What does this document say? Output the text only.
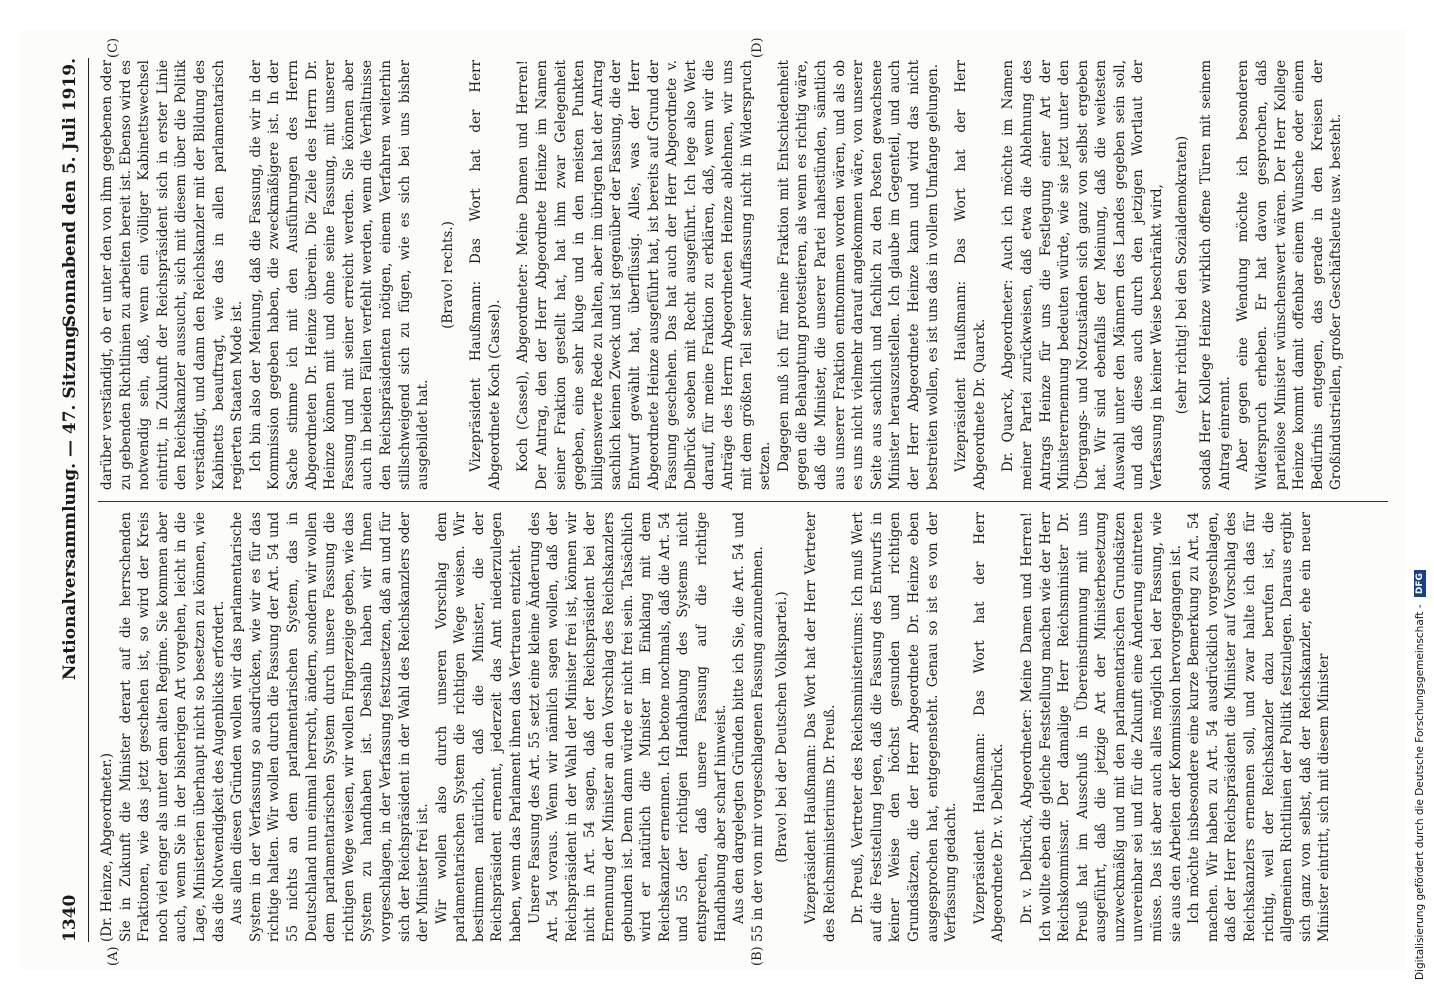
1340
Nationalversammlung. — 47. Sitzung.
Sonnabend den 5. Juli 1919.
(A)	(B)
(C)	(D)

(Dr. Heinze, Abgeordneter.) Sie in Zukunft die Minister derart auf die herrschenden Fraktionen, wie das jetzt geschehen ist, so wird der Kreis noch viel enger als unter dem alten Regime. Sie kommen aber auch, wenn Sie in der bisherigen Art vorgehen, leicht in die Lage, Ministerien überhaupt nicht so besetzen zu können, wie das die Notwendigkeit des Augenblicks erfordert. Aus allen diesen Gründen wollen wir das parlamentarische System in der Verfassung so ausdrücken, wie wir es für das richtige halten. Wir wollen durch die Fassung der Art. 54 und 55 nichts an dem parlamentarischen System, das in Deutschland nun einmal herrscht, ändern, sondern wir wollen dem parlamentarischen System durch unsere Fassung die richtigen Wege weisen, wir wollen Fingerzeige geben, wie das System zu handhaben ist. Deshalb haben wir Ihnen vorgeschlagen, in der Verfassung festzusetzen, daß an und für sich der Reichspräsident in der Wahl des Reichskanzlers oder der Minister frei ist. Wir wollen also durch unseren Vorschlag dem parlamentarischen System die richtigen Wege weisen. Wir bestimmen natürlich, daß die Minister, die der Reichspräsident ernennt, jederzeit das Amt niederzulegen haben, wenn das Parlament ihnen das Vertrauen entzieht. Unsere Fassung des Art. 55 setzt eine kleine Änderung des Art. 54 voraus. Wenn wir nämlich sagen wollen, daß der Reichspräsident in der Wahl der Minister frei ist, können wir nicht in Art. 54 sagen, daß der Reichspräsident bei der Ernennung der Minister an den Vorschlag des Reichskanzlers gebunden ist. Denn dann würde er nicht frei sein. Tatsächlich wird er natürlich die Minister im Einklang mit dem Reichskanzler ernennen. Ich betone nochmals, daß die Art. 54 und 55 der richtigen Handhabung des Systems nicht entsprechen, daß unsere Fassung auf die richtige Handhabung aber scharf hinweist. Aus den dargelegten Gründen bitte ich Sie, die Art. 54 und 55 in der von mir vorgeschlagenen Fassung anzunehmen. (Bravo! bei der Deutschen Volkspartei.) Vizepräsident Haußmann: Das Wort hat der Herr Vertreter des Reichsministeriums Dr. Preuß. Dr. Preuß, Vertreter des Reichsministeriums: Ich muß Wert auf die Feststellung legen, daß die Fassung des Entwurfs in keiner Weise den höchst gesunden und richtigen Grundsätzen, die der Herr Abgeordnete Dr. Heinze eben ausgesprochen hat, entgegensteht. Genau so ist es von der Verfassung gedacht. Vizepräsident Haußmann: Das Wort hat der Herr Abgeordnete Dr. v. Delbrück. Dr. v. Delbrück, Abgeordneter: Meine Damen und Herren! Ich wollte eben die gleiche Feststellung machen wie der Herr Reichskommissar. Der damalige Herr Reichsminister Dr. Preuß hat im Ausschuß in Übereinstimmung mit uns ausgeführt, daß die jetzige Art der Ministerbesetzung unzweckmäßig und mit den parlamentarischen Grundsätzen unvereinbar sei und für die Zukunft eine Änderung eintreten müsse. Das ist aber auch alles möglich bei der Fassung, wie sie aus den Arbeiten der Kommission hervorgegangen ist. Ich möchte insbesondere eine kurze Bemerkung zu Art. 54 machen. Wir haben zu Art. 54 ausdrücklich vorgeschlagen, daß der Herr Reichspräsident die Minister auf Vorschlag des Reichskanzlers ernennen soll, und zwar halte ich das für richtig, weil der Reichskanzler dazu berufen ist, die allgemeinen Richtlinien der Politik festzulegen. Daraus ergibt sich ganz von selbst, daß der Reichskanzler, ehe ein neuer Minister eintritt, sich mit diesem Minister

darüber verständigt, ob er unter den von ihm gegebenen oder zu gebenden Richtlinien zu arbeiten bereit ist. Ebenso wird es notwendig sein, daß, wenn ein völliger Kabinettswechsel eintritt, in Zukunft der Reichspräsident sich in erster Linie den Reichskanzler aussucht, sich mit diesem über die Politik verständigt, und dann den Reichskanzler mit der Bildung des Kabinetts beauftragt, wie das in allen parlamentarisch regierten Staaten Mode ist. Ich bin also der Meinung, daß die Fassung, die wir in der Kommission gegeben haben, die zweckmäßigere ist. In der Sache stimme ich mit den Ausführungen des Herrn Abgeordneten Dr. Heinze überein. Die Ziele des Herrn Dr. Heinze können mit und ohne seine Fassung, mit unserer Fassung und mit seiner erreicht werden. Sie können aber auch in beiden Fällen verfehlt werden, wenn die Verhältnisse den Reichspräsidenten nötigen, einem Verfahren weiterhin stillschweigend sich zu fügen, wie es sich bei uns bisher ausgebildet hat.

(Bravo! rechts.) Vizepräsident Haußmann: Das Wort hat der Herr Abgeordnete Koch (Cassel). Koch (Cassel), Abgeordneter: Meine Damen und Herren! Der Antrag, den der Herr Abgeordnete Heinze im Namen seiner Fraktion gestellt hat, hat ihm zwar Gelegenheit gegeben, eine sehr kluge und in den meisten Punkten billigenswerte Rede zu halten, aber im übrigen hat der Antrag sachlich keinen Zweck und ist gegenüber der Fassung, die der Entwurf gewählt hat, überflüssig. Alles, was der Herr Abgeordnete Heinze ausgeführt hat, ist bereits auf Grund der Fassung geschehen. Das hat auch der Herr Abgeordnete v. Delbrück soeben mit Recht ausgeführt. Ich lege also Wert darauf, für meine Fraktion zu erklären, daß, wenn wir die Anträge des Herrn Abgeordneten Heinze ablehnen, wir uns mit dem größten Teil seiner Auffassung nicht in Widerspruch setzen. Dagegen muß ich für meine Fraktion mit Entschiedenheit gegen die Behauptung protestieren, als wenn es richtig wäre, daß die Minister, die unserer Partei nahestünden, sämtlich aus unserer Fraktion entnommen worden wären, und als ob es uns nicht vielmehr darauf angekommen wäre, von unserer Seite aus sachlich und fachlich zu den Posten gewachsene Minister herauszustellen. Ich glaube im Gegenteil, und auch der Herr Abgeordnete Heinze kann und wird das nicht bestreiten wollen, es ist uns das in vollem Umfange gelungen. Vizepräsident Haußmann: Das Wort hat der Herr Abgeordnete Dr. Quarck. Dr. Quarck, Abgeordneter: Auch ich möchte im Namen meiner Partei zurückweisen, daß etwa die Ablehnung des Antrags Heinze für uns die Festlegung einer Art der Ministerernennung bedeuten würde, wie sie jetzt unter den Übergangs- und Notzuständen sich ganz von selbst ergeben hat. Wir sind ebenfalls der Meinung, daß die weitesten Auswahl unter den Männern des Landes gegeben sein soll, und daß diese auch durch den jetzigen Wortlaut der Verfassung in keiner Weise beschränkt wird, (sehr richtig! bei den Sozialdemokraten) sodaß Herr Kollege Heinze wirklich offene Türen mit seinem Antrag einrennt. Aber gegen eine Wendung möchte ich besonderen Widerspruch erheben. Er hat davon gesprochen, daß parteilose Minister wünschenswert wären. Der Herr Kollege Heinze kommt damit offenbar einem Wunsche oder einem Bedürfnis entgegen, das gerade in den Kreisen der Großindustriellen, großer Geschäftsleute usw. besteht.

Digitalisierung gefördert durch die Deutsche Forschungsgemeinschaft - DFG
